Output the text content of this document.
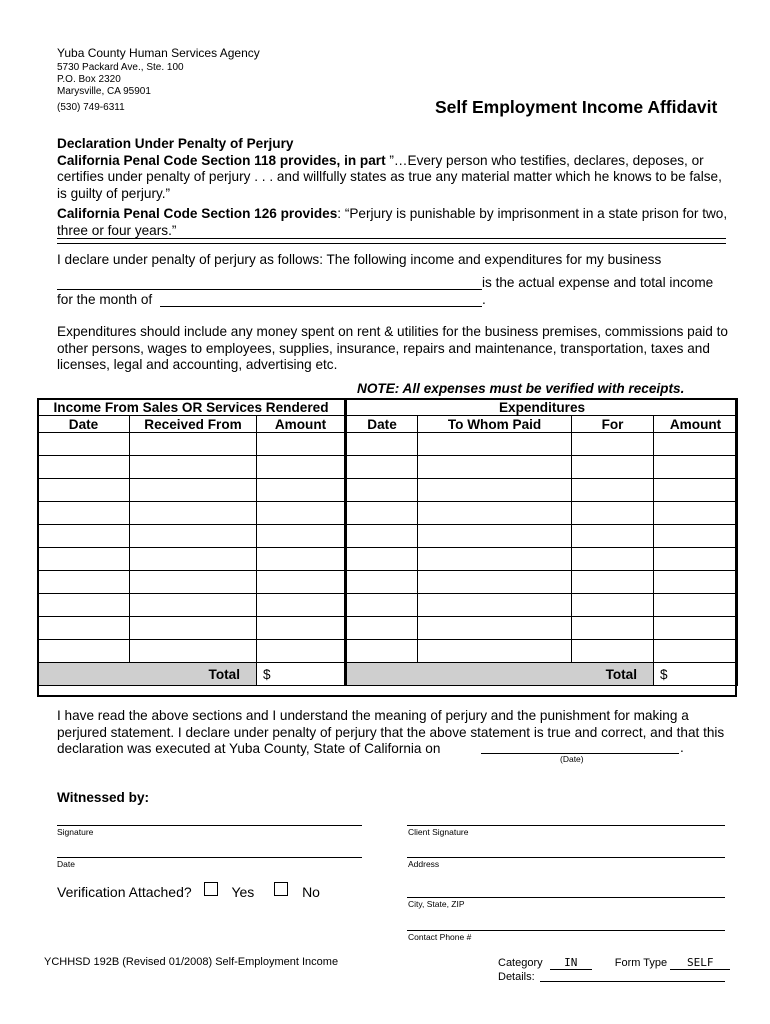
Yuba County Human Services Agency
5730 Packard Ave., Ste. 100
P.O. Box 2320
Marysville, CA 95901
(530) 749-6311	Self Employment Income Affidavit
Declaration Under Penalty of Perjury
California Penal Code Section 118 provides, in part ”…Every person who testifies, declares, deposes, or certifies under penalty of perjury . . . and willfully states as true any material matter which he knows to be false, is guilty of perjury.”
California Penal Code Section 126 provides: “Perjury is punishable by imprisonment in a state prison for two, three or four years.”
I declare under penalty of perjury as follows: The following income and expenditures for my business
is the actual expense and total income
for the month of	.
Expenditures should include any money spent on rent & utilities for the business premises, commissions paid to other persons, wages to employees, supplies, insurance, repairs and maintenance, transportation, taxes and licenses, legal and accounting, advertising etc.
NOTE: All expenses must be verified with receipts.
Income From Sales OR Services Rendered			Expenditures			
Date	Received From	Amount	Date	To Whom Paid	For	Amount

Total		$	Total			$
I have read the above sections and I understand the meaning of perjury and the punishment for making a perjured statement. I declare under penalty of perjury that the above statement is true and correct, and that this declaration was executed at Yuba County, State of California on	.
(Date)
Witnessed by:
Signature
Date
Client Signature
Address
City, State, ZIP
Contact Phone #
Verification Attached?	Yes	No
YCHHSD 192B (Revised 01/2008) Self-Employment Income	Category IN	Form Type SELF
Details:
